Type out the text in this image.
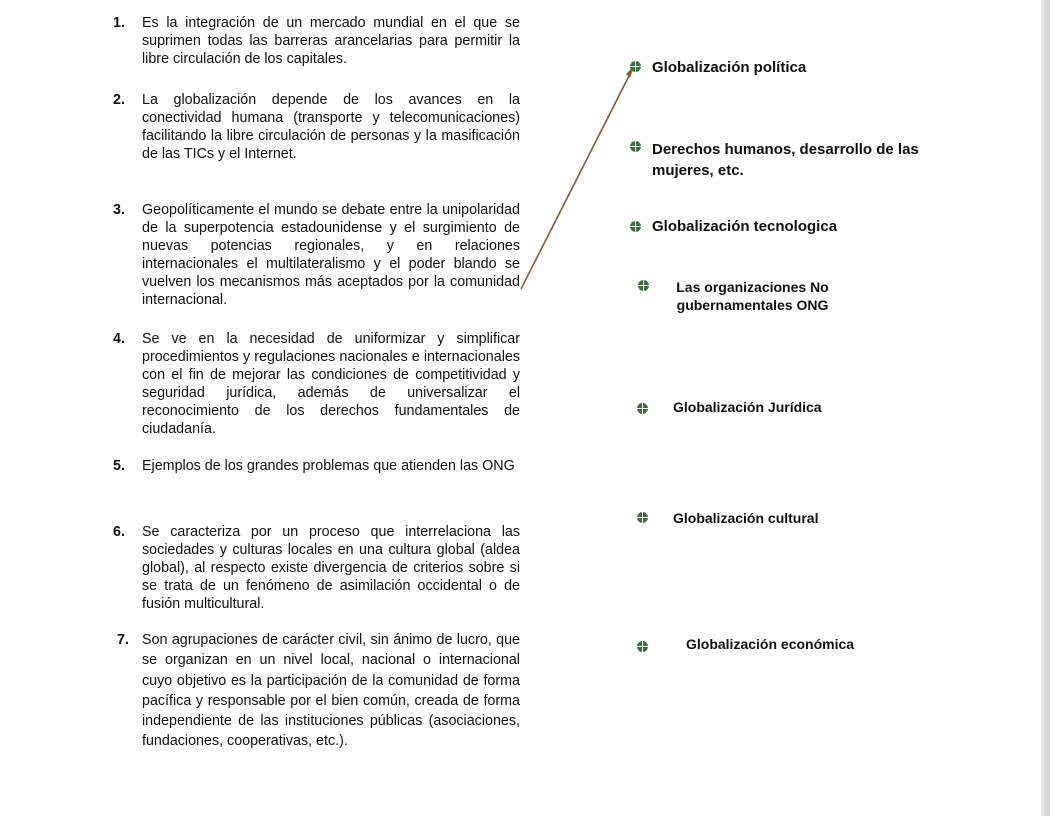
1. Es la integración de un mercado mundial en el que se suprimen todas las barreras arancelarias para permitir la libre circulación de los capitales.
2. La globalización depende de los avances en la conectividad humana (transporte y telecomunicaciones) facilitando la libre circulación de personas y la masificación de las TICs y el Internet.
3. Geopolíticamente el mundo se debate entre la unipolaridad de la superpotencia estadounidense y el surgimiento de nuevas potencias regionales, y en relaciones internacionales el multilateralismo y el poder blando se vuelven los mecanismos más aceptados por la comunidad internacional.
4. Se ve en la necesidad de uniformizar y simplificar procedimientos y regulaciones nacionales e internacionales con el fin de mejorar las condiciones de competitividad y seguridad jurídica, además de universalizar el reconocimiento de los derechos fundamentales de ciudadanía.
5. Ejemplos de los grandes problemas que atienden las ONG
6. Se caracteriza por un proceso que interrelaciona las sociedades y culturas locales en una cultura global (aldea global), al respecto existe divergencia de criterios sobre si se trata de un fenómeno de asimilación occidental o de fusión multicultural.
7. Son agrupaciones de carácter civil, sin ánimo de lucro, que se organizan en un nivel local, nacional o internacional cuyo objetivo es la participación de la comunidad de forma pacífica y responsable por el bien común, creada de forma independiente de las instituciones públicas (asociaciones, fundaciones, cooperativas, etc.).
Globalización política
Derechos humanos, desarrollo de las mujeres, etc.
Globalización tecnologica
Las organizaciones No gubernamentales ONG
Globalización Jurídica
Globalización cultural
Globalización económica
